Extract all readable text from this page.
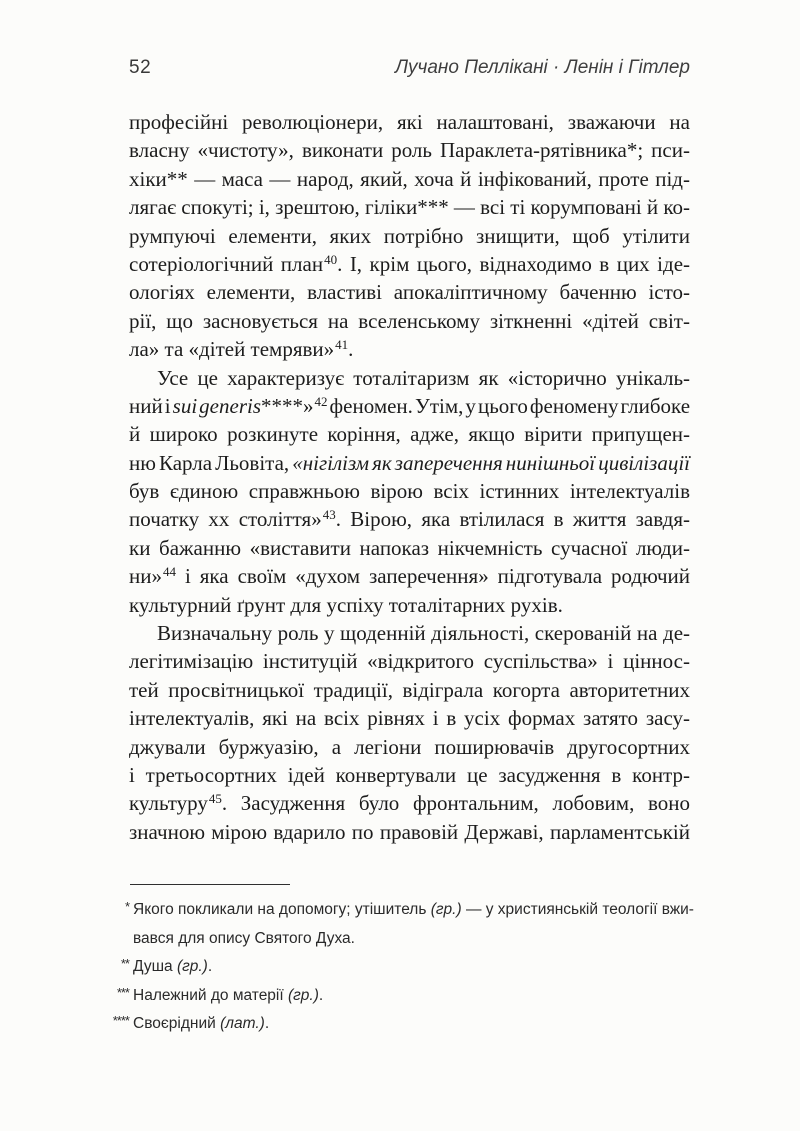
52	Лучано Пеллікані · Ленін і Гітлер
професійні революціонери, які налаштовані, зважаючи на
власну «чистоту», виконати роль Параклета-рятівника*; пси-
хіки** — маса — народ, який, хоча й інфікований, проте під-
лягає спокуті; і, зрештою, гіліки*** — всі ті корумповані й ко-
румпуючі елементи, яких потрібно знищити, щоб утілити
сотеріологічний план$^{40}$. І, крім цього, віднаходимо в цих іде-
ологіях елементи, властиві апокаліптичному баченню істо-
рії, що засновується на вселенському зіткненні «дітей світ-
ла» та «дітей темряви»$^{41}$.
Усе це характеризує тоталітаризм як «історично унікаль-
ний і sui generis****»$^{42}$ феномен. Утім, у цього феномену глибоке
й широко розкинуте коріння, адже, якщо вірити припущен-
ню Карла Льовіта, «нігілізм як заперечення нинішньої цивілізації
був єдиною справжньою вірою всіх істинних інтелектуалів
початку хх століття»$^{43}$. Вірою, яка втілилася в життя завдя-
ки бажанню «виставити напоказ нікчемність сучасної люди-
ни»$^{44}$ і яка своїм «духом заперечення» підготувала родючий
культурний ґрунт для успіху тоталітарних рухів.
Визначальну роль у щоденній діяльності, скерованій на де-
легітимізацію інституцій «відкритого суспільства» і ціннос-
тей просвітницької традиції, відіграла когорта авторитетних
інтелектуалів, які на всіх рівнях і в усіх формах затято засу-
джували буржуазію, а легіони поширювачів другосортних
і третьосортних ідей конвертували це засудження в контр-
культуру$^{45}$. Засудження було фронтальним, лобовим, воно
значною мірою вдарило по правовій Державі, парламентській
* Якого покликали на допомогу; утішитель (гр.) — у християнській теології вжи-
вався для опису Святого Духа.
** Душа (гр.).
*** Належний до матерії (гр.).
**** Своєрідний (лат.).
